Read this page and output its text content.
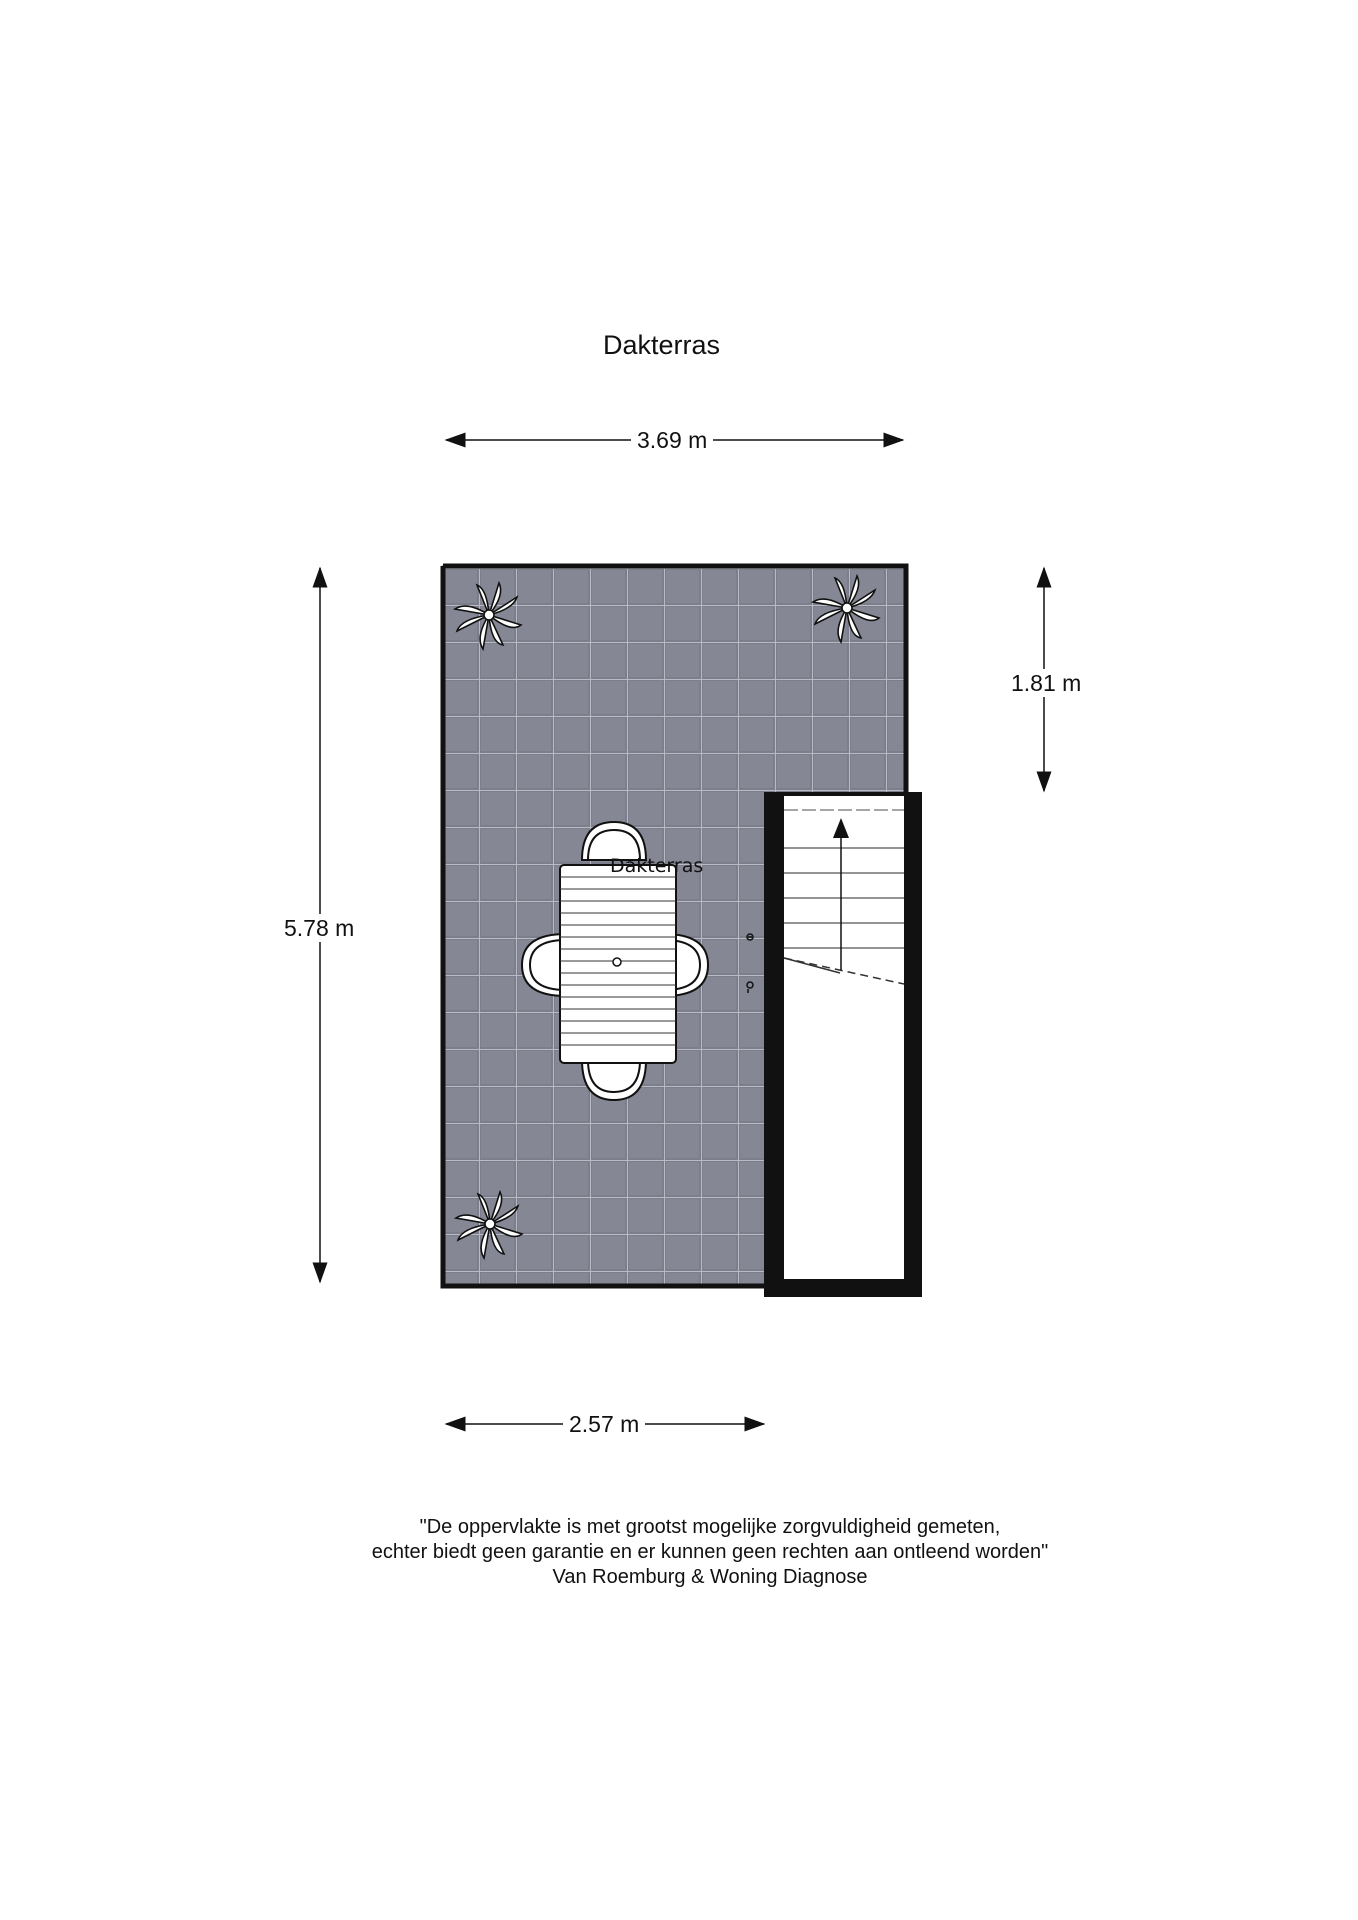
Dakterras
Dakterras
3.69 m
2.57 m
5.78 m
1.81 m
"De oppervlakte is met grootst mogelijke zorgvuldigheid gemeten,
echter biedt geen garantie en er kunnen geen rechten aan ontleend worden"
Van Roemburg & Woning Diagnose
